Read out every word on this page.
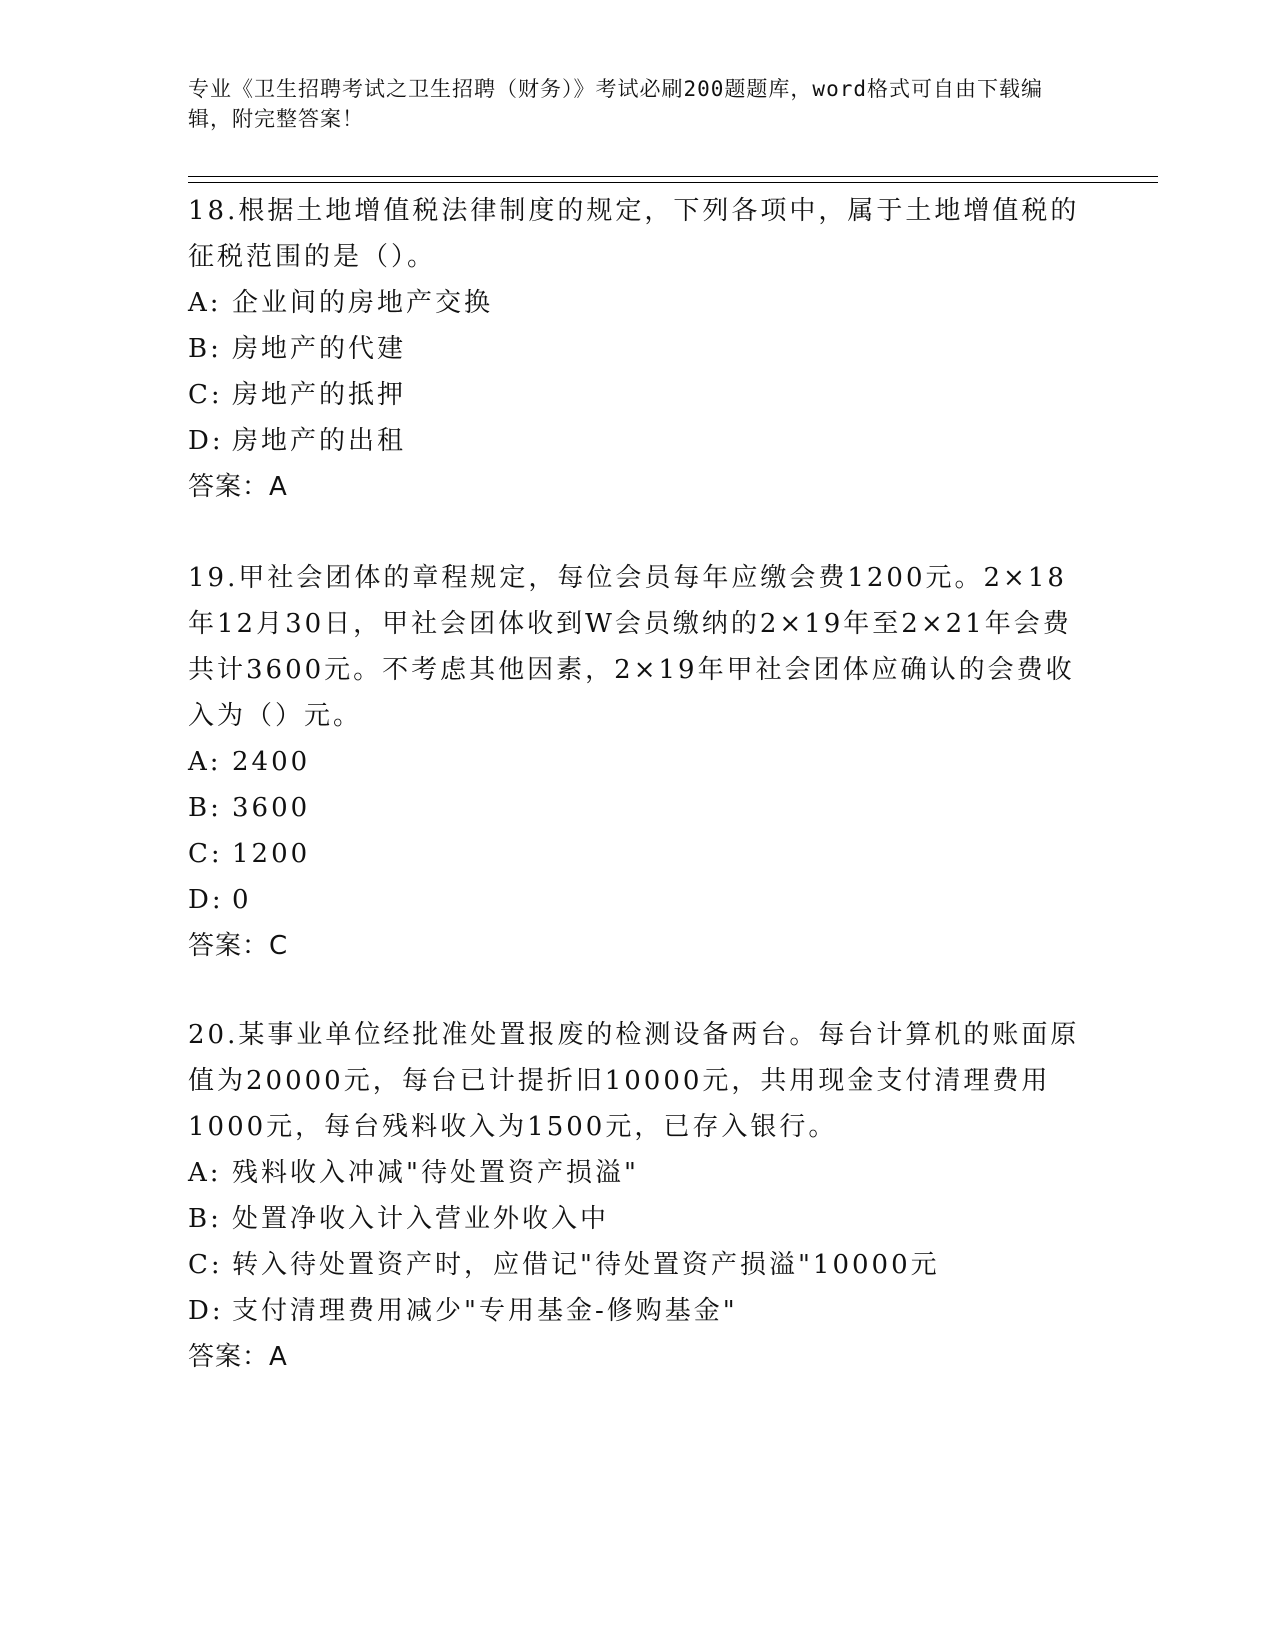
专业《卫生招聘考试之卫生招聘（财务）》考试必刷200题题库，word格式可自由下载编辑，附完整答案！

18.根据土地增值税法律制度的规定，下列各项中，属于土地增值税的征税范围的是（）。

A: 企业间的房地产交换

B: 房地产的代建

C: 房地产的抵押

D: 房地产的出租

答案：A

19.甲社会团体的章程规定，每位会员每年应缴会费1200元。2×18年12月30日，甲社会团体收到W会员缴纳的2×19年至2×21年会费共计3600元。不考虑其他因素，2×19年甲社会团体应确认的会费收入为（）元。

A: 2400

B: 3600

C: 1200

D: 0

答案：C

20.某事业单位经批准处置报废的检测设备两台。每台计算机的账面原值为20000元，每台已计提折旧10000元，共用现金支付清理费用1000元，每台残料收入为1500元，已存入银行。

A: 残料收入冲减"待处置资产损溢"

B: 处置净收入计入营业外收入中

C: 转入待处置资产时，应借记"待处置资产损溢"10000元

D: 支付清理费用减少"专用基金-修购基金"

答案：A
